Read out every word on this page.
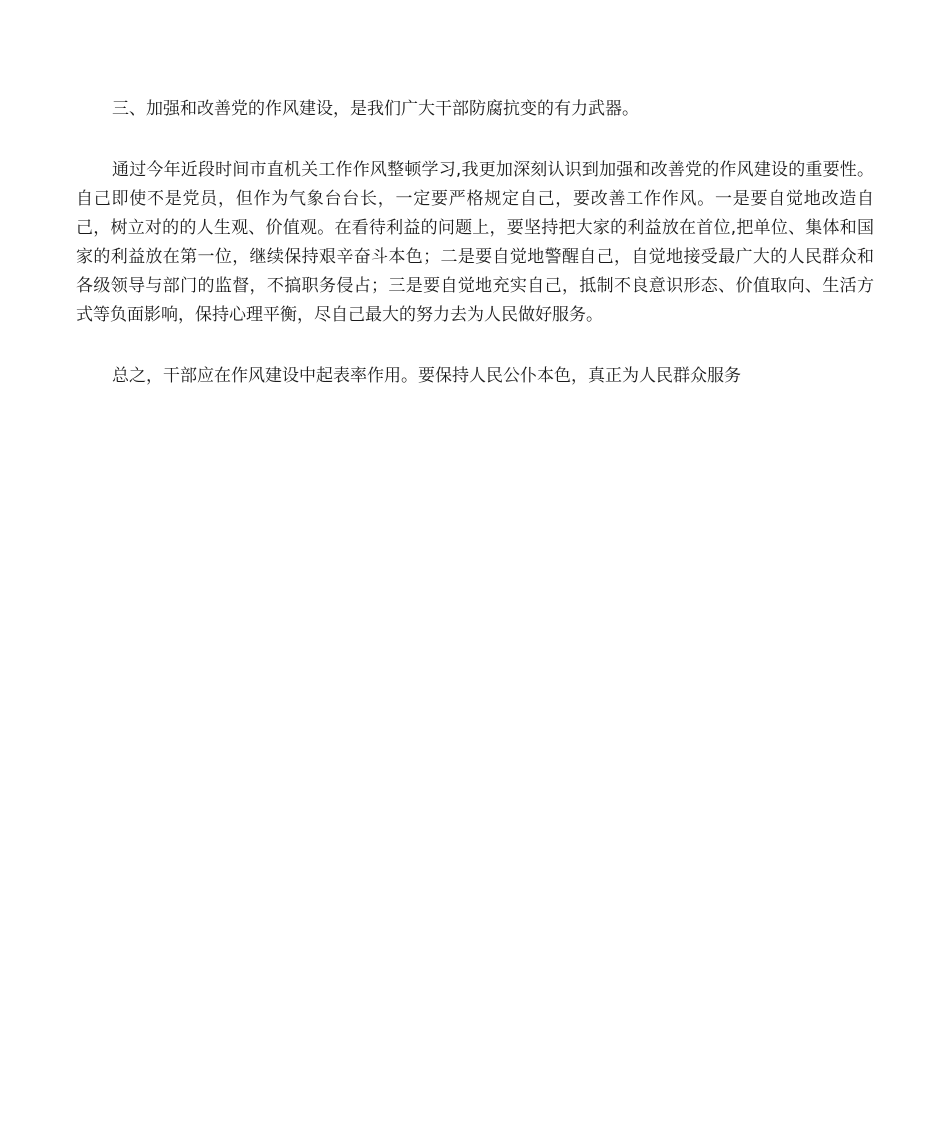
三、加强和改善党的作风建设，是我们广大干部防腐抗变的有力武器。

通过今年近段时间市直机关工作作风整顿学习,我更加深刻认识到加强和改善党的作风建设的重要性。自己即使不是党员，但作为气象台台长，一定要严格规定自己，要改善工作作风。一是要自觉地改造自己，树立对的的人生观、价值观。在看待利益的问题上，要坚持把大家的利益放在首位,把单位、集体和国家的利益放在第一位，继续保持艰辛奋斗本色；二是要自觉地警醒自己，自觉地接受最广大的人民群众和各级领导与部门的监督，不搞职务侵占；三是要自觉地充实自己，抵制不良意识形态、价值取向、生活方式等负面影响，保持心理平衡，尽自己最大的努力去为人民做好服务。

总之，干部应在作风建设中起表率作用。要保持人民公仆本色，真正为人民群众服务
